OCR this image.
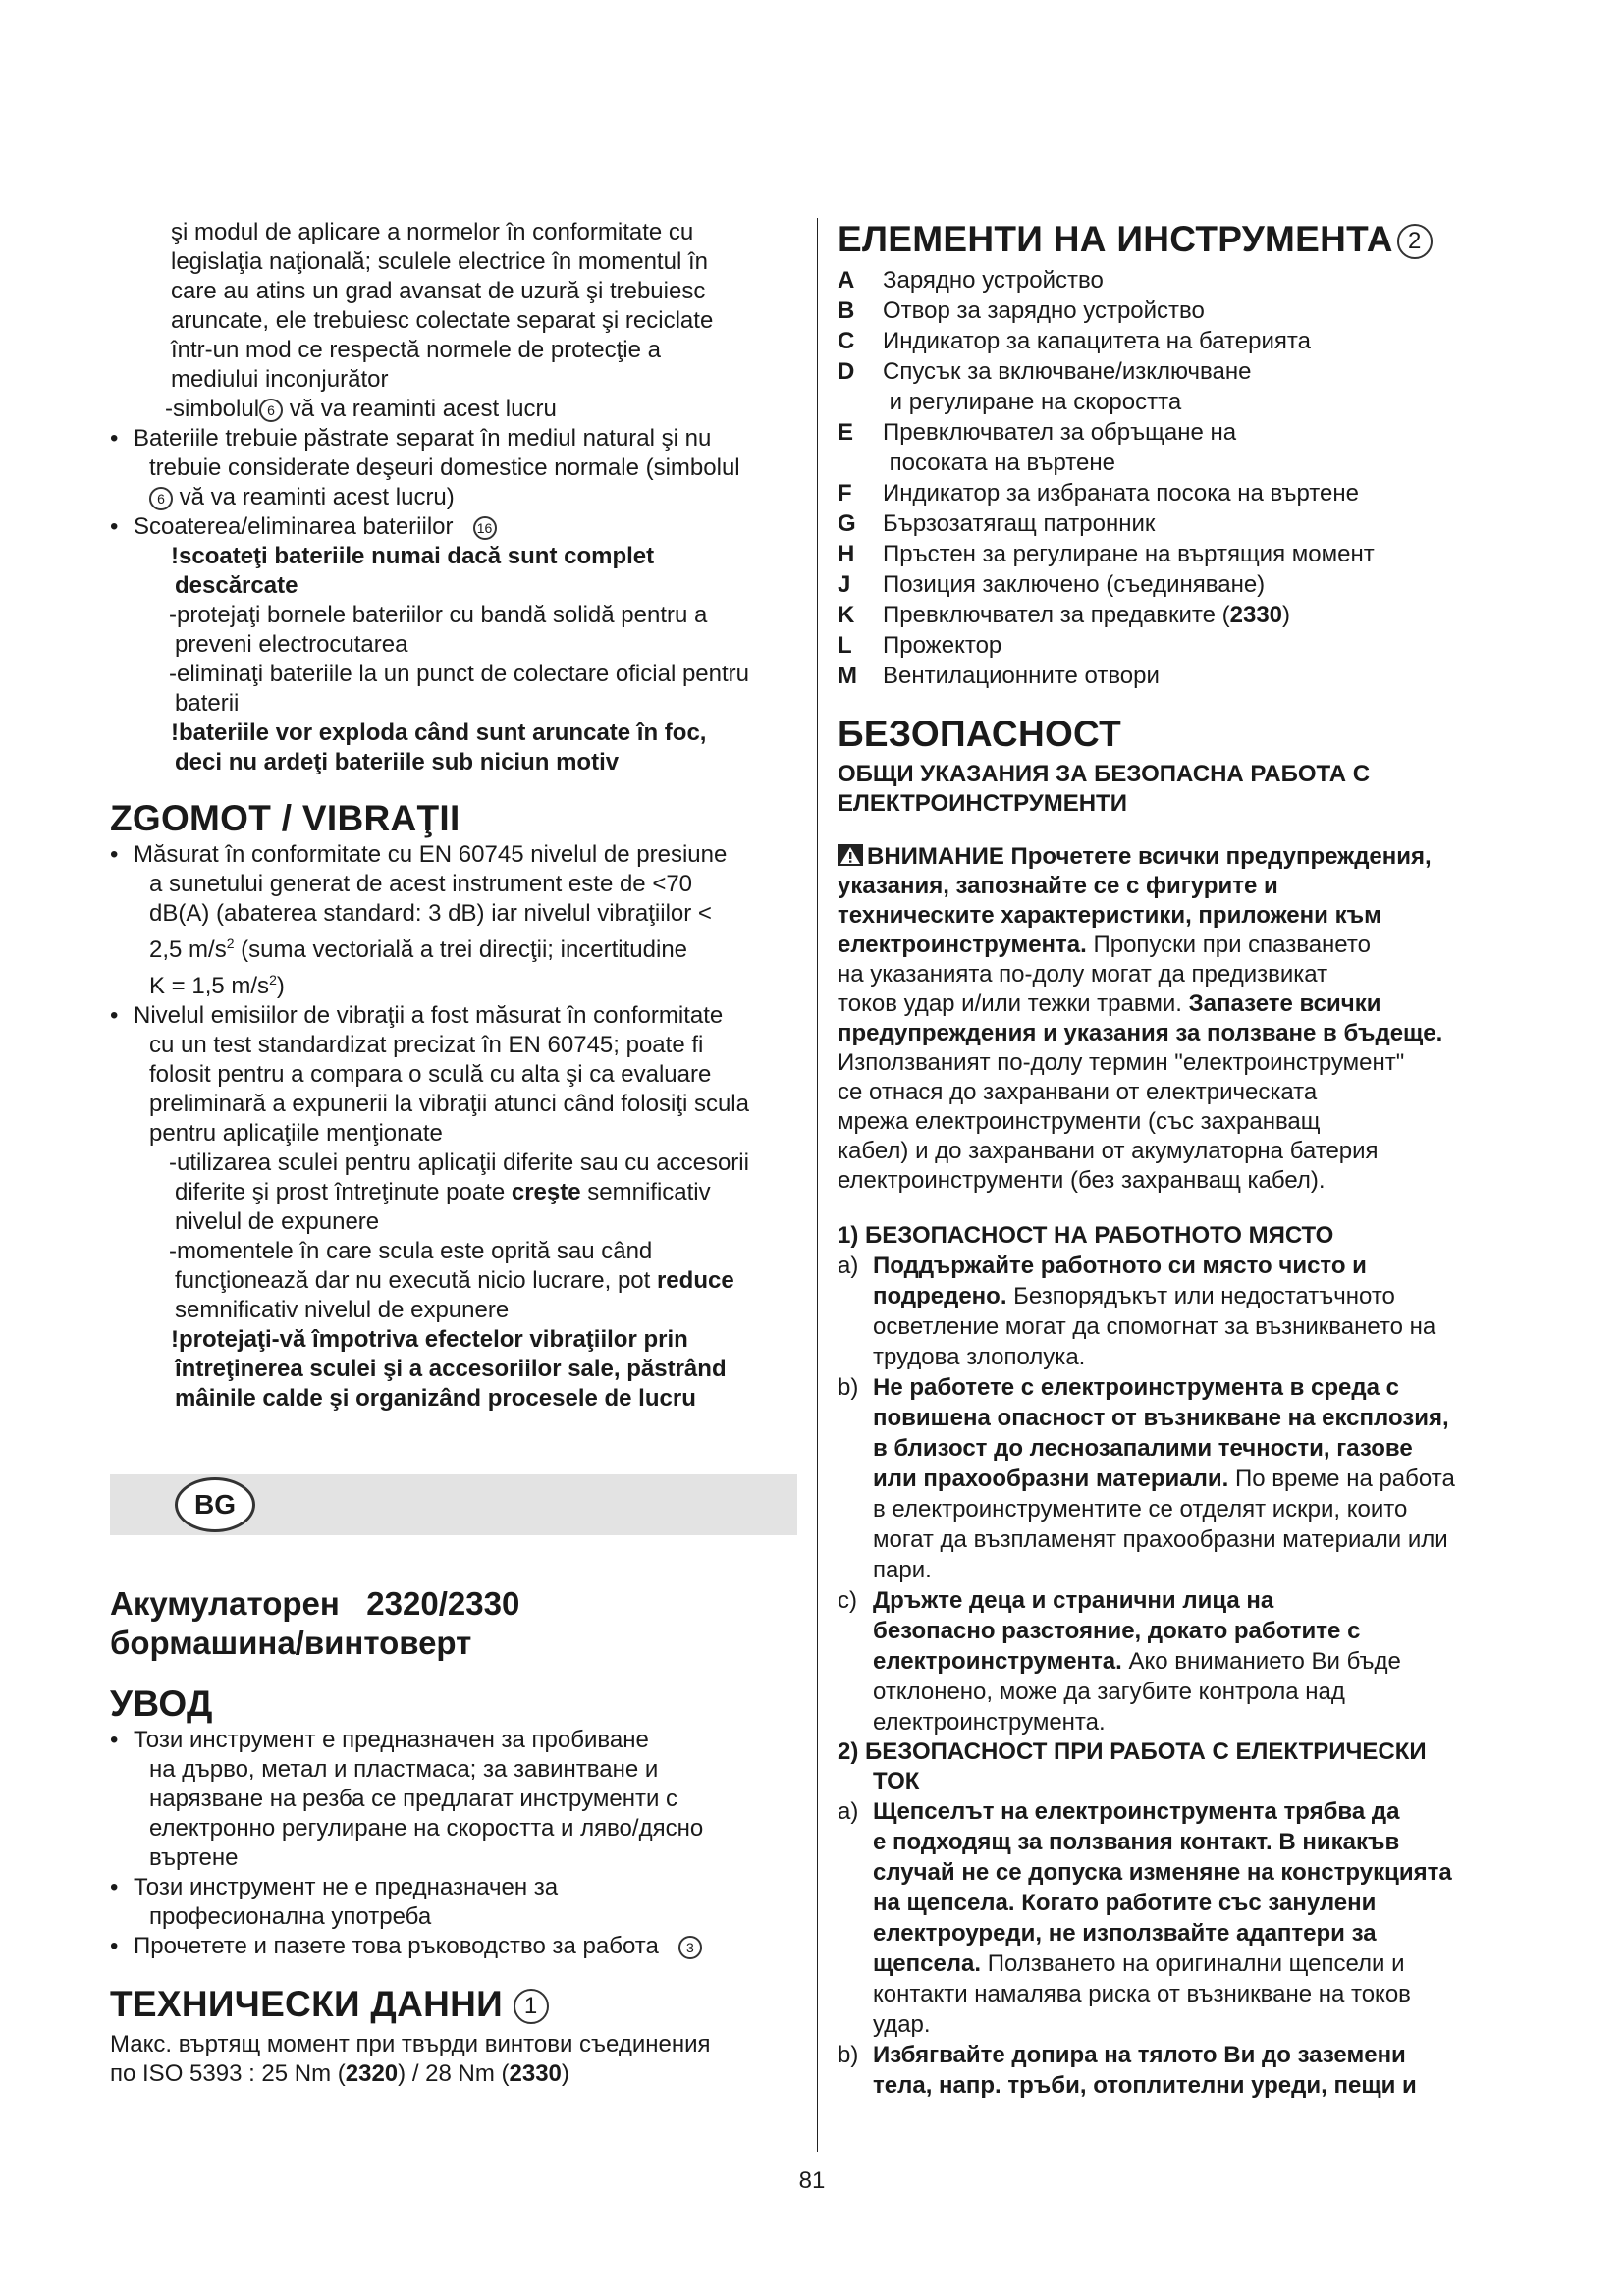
şi modul de aplicare a normelor în conformitate cu

legislaţia naţională; sculele electrice în momentul în

care au atins un grad avansat de uzură şi trebuiesc

aruncate, ele trebuiesc colectate separat şi reciclate

într-un mod ce respectă normele de protecţie a

mediului inconjurător

-simbolul 6 vă va reaminti acest lucru

• Bateriile trebuie păstrate separat în mediul natural şi nu
trebuie considerate deşeuri domestice normale (simbolul
6 vă va reaminti acest lucru)
• Scoaterea/eliminarea bateriilor 16
!scoateţi bateriile numai dacă sunt complet
descărcate
-protejaţi bornele bateriilor cu bandă solidă pentru a
preveni electrocutarea
-eliminaţi bateriile la un punct de colectare oficial pentru
baterii
!bateriile vor exploda când sunt aruncate în foc,
deci nu ardeţi bateriile sub niciun motiv
ZGOMOT / VIBRAŢII
• Măsurat în conformitate cu EN 60745 nivelul de presiune
a sunetului generat de acest instrument este de <70
dB(A) (abaterea standard: 3 dB) iar nivelul vibraţiilor <
2,5 $m/s^2$ (suma vectorială a trei direcţii; incertitudine
K = 1,5 $m/s^2$)
• Nivelul emisiilor de vibraţii a fost măsurat în conformitate
cu un test standardizat precizat în EN 60745; poate fi
folosit pentru a compara o sculă cu alta şi ca evaluare
preliminară a expunerii la vibraţii atunci când folosiţi scula
pentru aplicaţiile menţionate
-utilizarea sculei pentru aplicaţii diferite sau cu accesorii
diferite şi prost întreţinute poate creşte semnificativ
nivelul de expunere
-momentele în care scula este oprită sau când
funcţionează dar nu execută nicio lucrare, pot reduce
semnificativ nivelul de expunere
!protejaţi-vă împotriva efectelor vibraţiilor prin
întreţinerea sculei şi a accesoriilor sale, păstrând
mâinile calde şi organizând procesele de lucru
BG
Акумулаторен   2320/2330
бормашина/винтоверт
УВОД
• Този инструмент е предназначен за пробиване
на дърво, метал и пластмаса; за завинтване и
нарязване на резба се предлагат инструменти с
електронно регулиране на скоростта и ляво/дясно
въртене
• Този инструмент не е предназначен за
професионална употреба
• Прочетете и пазете това ръководство за работа 3
ТЕХНИЧЕСКИ ДАННИ 1

Макс. въртящ момент при твърди винтови съединения

по ISO 5393 : 25 Nm (2320) / 28 Nm (2330)

ЕЛЕМЕНТИ НА ИНСТРУМЕНТА 2
A	Зарядно устройство
B	Отвор за зарядно устройство
C	Индикатор за капацитета на батерията
D	Спусък за включване/изключване
и регулиране на скоростта
E	Превключвател за обръщане на
посоката на въртене
F	Индикатор за избраната посока на въртене
G	Бързозатягащ патронник
H	Пръстен за регулиране на въртящия момент
J	Позиция заключено (съединяване)
K	Превключвател за предавките (2330)
L	Прожектор
M	Вентилационните отвори
БЕЗОПАСНОСТ
ОБЩИ УКАЗАНИЯ ЗА БЕЗОПАСНА РАБОТА С
ЕЛЕКТРОИНСТРУМЕНТИ

ВНИМАНИЕ Прочетете всички предупреждения,

указания, запознайте се с фигурите и

техническите характеристики, приложени към

електроинструмента. Пропуски при спазването

на указанията по-долу могат да предизвикат

токов удар и/или тежки травми. Запазете всички

предупреждения и указания за ползване в бъдеще.

Използваният по-долу термин "електроинструмент"

се отнася до захранвани от електрическата

мрежа електроинструменти (със захранващ

кабел) и до захранвани от акумулаторна батерия

електроинструменти (без захранващ кабел).

1) БЕЗОПАСНОСТ НА РАБОТНОТО МЯСТО
a) Поддържайте работното си място чисто и
подредено. Безпорядъкът или недостатъчното
осветление могат да спомогнат за възникването на
трудова злополука.
b) Не работете с електроинструмента в среда с
повишена опасност от възникване на експлозия,
в близост до леснозапалими течности, газове
или прахообразни материали. По време на работа
в електроинструментите се отделят искри, които
могат да възпламенят прахообразни материали или
пари.
c) Дръжте деца и странични лица на
безопасно разстояние, докато работите с
електроинструмента. Ако вниманието Ви бъде
отклонено, може да загубите контрола над
електроинструмента.
2) БЕЗОПАСНОСТ ПРИ РАБОТА С ЕЛЕКТРИЧЕСКИ
ТОК
a) Щепселът на електроинструмента трябва да
е подходящ за ползвания контакт. В никакъв
случай не се допуска изменяне на конструкцията
на щепсела. Когато работите със занулени
електроуреди, не използвайте адаптери за
щепсела. Ползването на оригинални щепсели и
контакти намалява риска от възникване на токов
удар.
b) Избягвайте допира на тялото Ви до заземени
тела, напр. тръби, отоплителни уреди, пещи и
81
